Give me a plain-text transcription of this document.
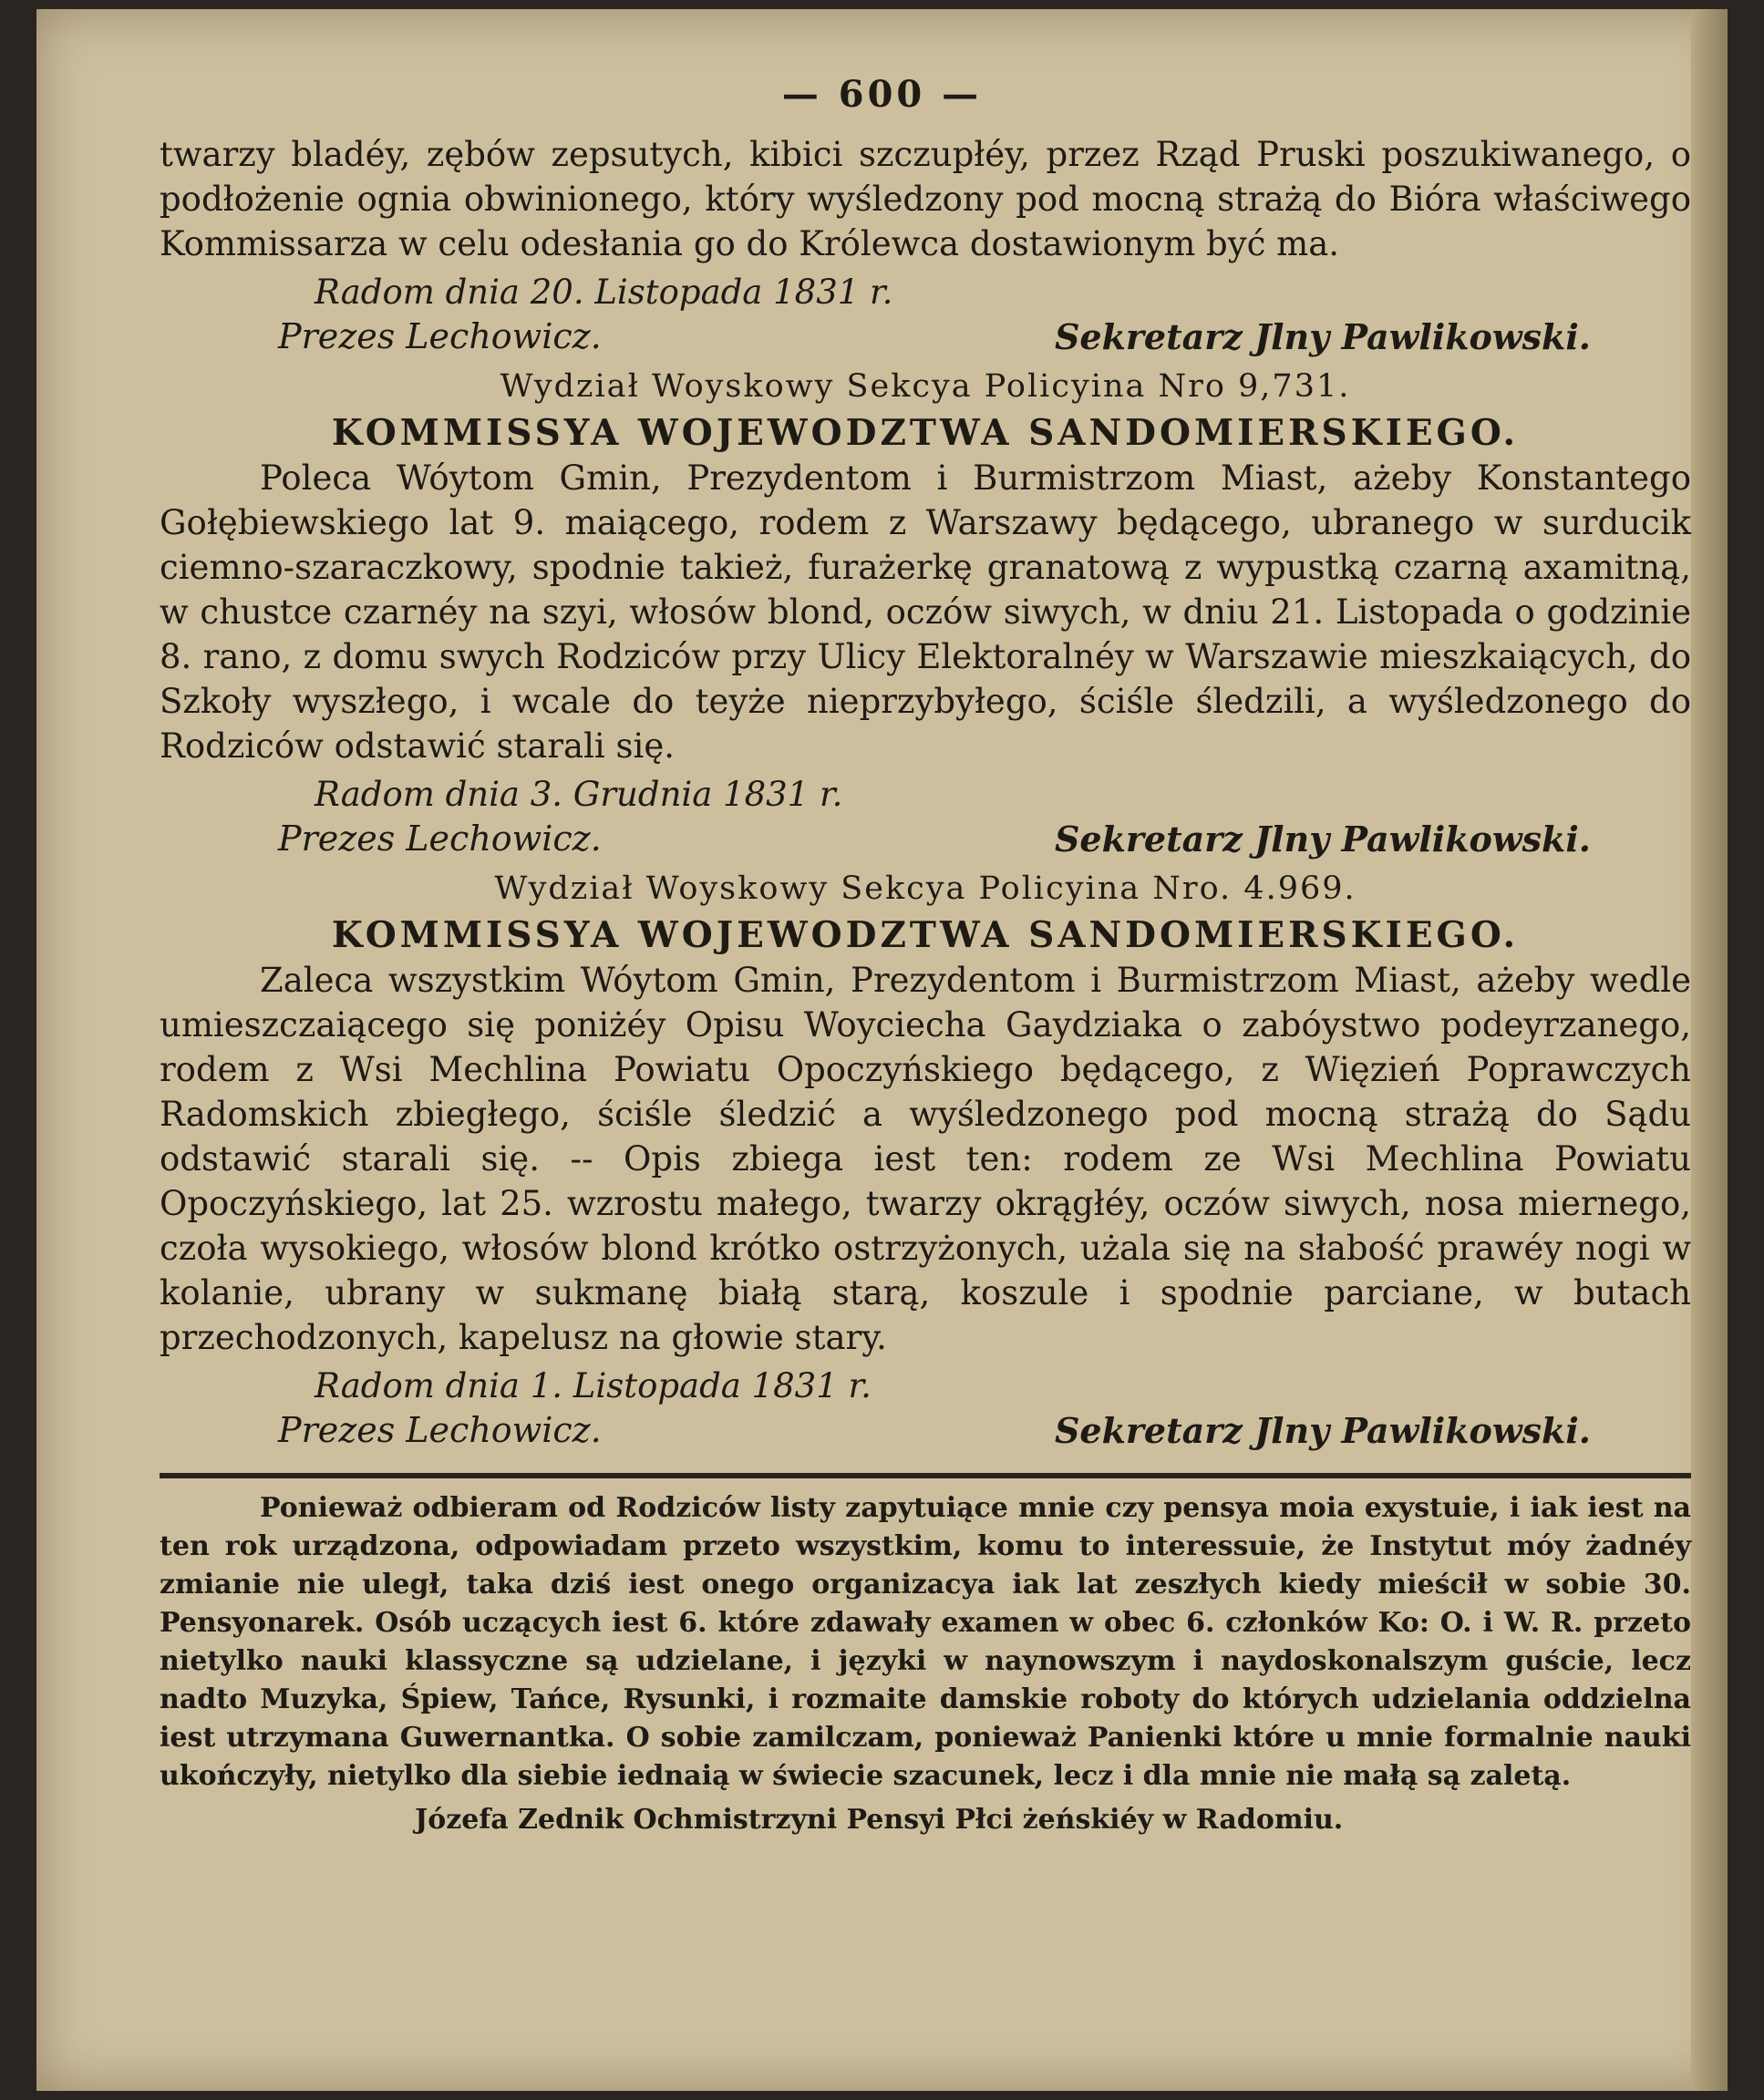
— 600 —

twarzy bladéy, zębów zepsutych, kibici szczupłéy, przez Rząd Pruski poszukiwanego, o podłożenie ognia obwinionego, który wyśledzony pod mocną strażą do Bióra właściwego Kommissarza w celu odesłania go do Królewca dostawionym być ma.

Radom dnia 20. Listopada 1831 r.
Prezes Lechowicz.	Sekretarz Jlny Pawlikowski.
Wydział Woyskowy Sekcya Policyina Nro 9,731.
KOMMISSYA WOJEWODZTWA SANDOMIERSKIEGO.

Poleca Wóytom Gmin, Prezydentom i Burmistrzom Miast, ażeby Konstantego Gołębiewskiego lat 9. maiącego, rodem z Warszawy będącego, ubranego w surducik ciemno-szaraczkowy, spodnie takież, furażerkę granatową z wypustką czarną axamitną, w chustce czarnéy na szyi, włosów blond, oczów siwych, w dniu 21. Listopada o godzinie 8. rano, z domu swych Rodziców przy Ulicy Elektoralnéy w Warszawie mieszkaiących, do Szkoły wyszłego, i wcale do teyże nieprzybyłego, ściśle śledzili, a wyśledzonego do Rodziców odstawić starali się.

Radom dnia 3. Grudnia 1831 r.
Prezes Lechowicz.	Sekretarz Jlny Pawlikowski.
Wydział Woyskowy Sekcya Policyina Nro. 4.969.
KOMMISSYA WOJEWODZTWA SANDOMIERSKIEGO.

Zaleca wszystkim Wóytom Gmin, Prezydentom i Burmistrzom Miast, ażeby wedle umieszczaiącego się poniżéy Opisu Woyciecha Gaydziaka o zabóystwo podeyrzanego, rodem z Wsi Mechlina Powiatu Opoczyńskiego będącego, z Więzień Poprawczych Radomskich zbiegłego, ściśle śledzić a wyśledzonego pod mocną strażą do Sądu odstawić starali się. -- Opis zbiega iest ten: rodem ze Wsi Mechlina Powiatu Opoczyńskiego, lat 25. wzrostu małego, twarzy okrągłéy, oczów siwych, nosa miernego, czoła wysokiego, włosów blond krótko ostrzyżonych, użala się na słabość prawéy nogi w kolanie, ubrany w sukmanę białą starą, koszule i spodnie parciane, w butach przechodzonych, kapelusz na głowie stary.

Radom dnia 1. Listopada 1831 r.
Prezes Lechowicz.	Sekretarz Jlny Pawlikowski.

Ponieważ odbieram od Rodziców listy zapytuiące mnie czy pensya moia exystuie, i iak iest na ten rok urządzona, odpowiadam przeto wszystkim, komu to interessuie, że Instytut móy żadnéy zmianie nie uległ, taka dziś iest onego organizacya iak lat zeszłych kiedy mieścił w sobie 30. Pensyonarek. Osób uczących iest 6. które zdawały examen w obec 6. członków Ko: O. i W. R. przeto nietylko nauki klassyczne są udzielane, i języki w naynowszym i naydoskonalszym guście, lecz nadto Muzyka, Śpiew, Tańce, Rysunki, i rozmaite damskie roboty do których udzielania oddzielna iest utrzymana Guwernantka. O sobie zamilczam, ponieważ Panienki które u mnie formalnie nauki ukończyły, nietylko dla siebie iednaią w świecie szacunek, lecz i dla mnie nie małą są zaletą.

Józefa Zednik Ochmistrzyni Pensyi Płci żeńskiéy w Radomiu.
